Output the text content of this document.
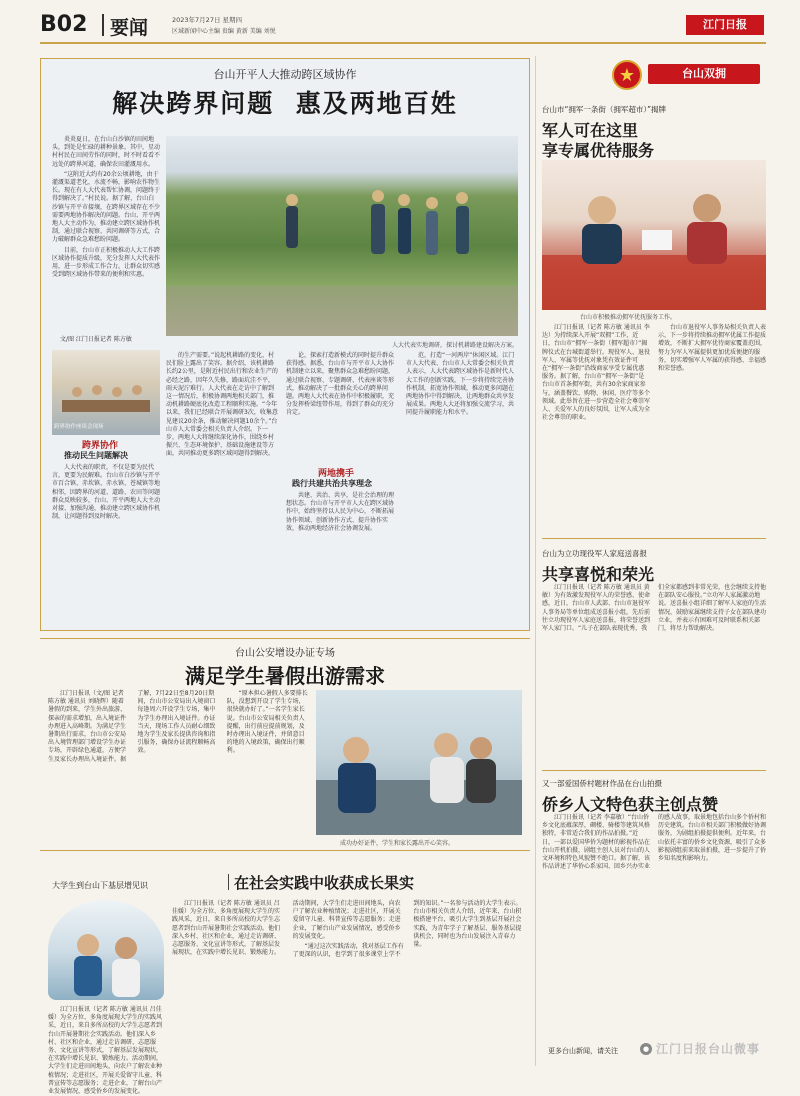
B02 要闻	2023年7月27日 星期四
区域新闻中心主编 贵编 黄新 美编 刘悦
江门日报
台山开平人大推动跨区域协作
解决跨界问题  惠及两地百姓

炎炎夏日，在台山白沙镇的田间地头，到处是忙碌的耕种景象。其中，星动村村民在田间劳作的同时，时不时看看不远处的跨界河道，确保农田灌溉用水。

“这附近大约有20余公顷耕地，由于灌溉渠道老化，水流不畅，影响农作物生长。现在有人大代表帮忙协调，问题终于得到解决了。”村民说。据了解，台山白沙镇与开平市接壤，在跨界区域存在不少需要两地协作解决的问题。台山、开平两地人大主动作为，推动建立跨区域协作机制，通过联合视察、共同调研等方式，合力破解群众急难愁盼问题。

目前，台山市正积极推动人大工作跨区域协作提质升级，充分发挥人大代表作用，进一步形成工作合力，让群众切实感受到跨区域协作带来的便利和实惠。

文/图 江门日报记者 陈方敏
人大代表实地调研，探讨机耕路建设解决方案。
跨界协作座谈会现场
跨界协作
推动民生问题解决

人大代表的职责，不仅是要为民代言，更要为民解难。台山市白沙镇与开平市百合镇、赤坎镇、赤水镇、苍城镇等地相邻，因跨界的河道、道路、农田等问题群众反映较多，台山、开平两地人大主动对接、加强沟通，推动建立跨区域协作机制，让问题得到及时解决。

的生产需要。”说起机耕路的变化，村民们脸上露出了笑容。据介绍，该机耕路长约2公里，是附近村民出行和农业生产的必经之路，因年久失修，路面坑洼不平，雨天泥泞难行。人大代表在走访中了解到这一情况后，积极协调两地相关部门，推动机耕路硬底化改造工程顺利实施。“今年以来，我们已经联合开展调研3次，收集意见建议20余条，推动解决问题10余个。”台山市人大常委会相关负责人介绍。下一步，两地人大将继续深化协作，围绕乡村振兴、生态环境保护、基础设施建设等方面，共同推动更多跨区域问题得到解决。

论，探索打造新模式的同时提升群众获得感。据悉，台山市与开平市人大协作机制建立以来，聚焦群众急难愁盼问题，通过联合视察、专题调研、代表座谈等形式，推动解决了一批群众关心的跨界问题。两地人大代表在协作中积极履职，充分发挥桥梁纽带作用，得到了群众的充分肯定。

两地携手
践行共建共治共享理念

共建、共治、共享，是社会治理的理想状态。台山市与开平市人大在跨区域协作中，始终坚持以人民为中心，不断拓展协作领域、创新协作方式、提升协作实效，推动两地经济社会协调发展。

范，打造“一河两岸”休闲区域。江门市人大代表、台山市人大常委会相关负责人表示，人大代表跨区域协作是新时代人大工作的创新实践，下一步将持续完善协作机制，拓宽协作领域，推动更多问题在两地协作中得到解决，让两地群众共享发展成果。两地人大还将加强交流学习，共同提升履职能力和水平。

★	台山双拥
台山市“拥军一条街（拥军超市）”揭牌
军人可在这里
享专属优待服务
台山市积极推动拥军优抚服务工作。

江门日报讯（记者 陈方敏 通讯员 李达）为持续深入开展“双拥”工作，近日，台山市“拥军一条街（拥军超市）”揭牌仪式在台城街道举行。现役军人、退役军人、军属等优抚对象凭有效证件可在“拥军一条街”沿线商家享受专属优惠服务。据了解，台山市“拥军一条街”是台山市首条拥军街，共有30余家商家参与，涵盖餐饮、购物、休闲、医疗等多个领域。此举旨在进一步营造全社会尊崇军人、关爱军人的良好氛围，让军人成为全社会尊崇的职业。

台山市退役军人事务局相关负责人表示，下一步将持续推动拥军优属工作提质增效，不断扩大拥军优待商家覆盖范围，努力为军人军属提供更加优质便捷的服务，切实增强军人军属的获得感、幸福感和荣誉感。

台山为立功现役军人家庭送喜报
共享喜悦和荣光

江门日报讯（记者 陈方敏 通讯员 黄敏）为有效激发现役军人的荣誉感、使命感，近日，台山市人武部、台山市退役军人事务局等单位组成送喜报小组，先后前往立功现役军人家庭送喜报，将荣誉送到军人家门口。“儿子在部队表现优秀，我们全家都感到非常光荣，也会继续支持他在部队安心服役。”立功军人家属激动地说。送喜报小组详细了解军人家庭的生活情况，鼓励家属继续支持子女在部队建功立业，并表示有困难可及时联系相关部门，将尽力帮助解决。

又一部爱国侨村题材作品在台山拍摄
侨乡人文特色获主创点赞

江门日报讯（记者 李嘉敏）“台山侨乡文化底蕴深厚，碉楼、骑楼等建筑风格独特，非常适合我们的作品拍摄。”近日，一部以爱国华侨为题材的影视作品在台山开机拍摄，剧组主创人员对台山的人文环境和特色风貌赞不绝口。据了解，该作品讲述了华侨心系家国、回乡兴办实业的感人故事，取景地包括台山多个侨村和历史建筑。台山市相关部门积极做好协调服务，为剧组拍摄提供便利。近年来，台山依托丰富的侨乡文化资源，吸引了众多影视剧组前来取景拍摄，进一步提升了侨乡知名度和影响力。

更多台山新闻，请关注	● 江门日报台山微事
台山公安增设办证专场
满足学生暑假出游需求

江门日报讯（文/图 记者 陈方敏 通讯员 刘晓辉）随着暑假的到来，学生外出旅游、探亲的需求增加，出入境证件办理进入高峰期。为满足学生暑期出行需求，台山市公安局出入境管理部门增设学生办证专场，开辟绿色通道，方便学生及家长办理出入境证件。据了解，7月22日至8月20日期间，台山市公安局出入境窗口每逢周六开设学生专场，集中为学生办理出入境证件。办证当天，现场工作人员耐心细致地为学生及家长提供咨询和指引服务，确保办证流程顺畅高效。

“原本担心暑假人多要排长队，没想到开设了学生专场，很快就办好了。”一名学生家长说。台山市公安局相关负责人提醒，出行前应提前规划，及时办理出入境证件，并留意目的地的入境政策，确保出行顺利。

成功办好证件，学生和家长露出开心笑容。
大学生到台山下基层增见识	在社会实践中收获成长果实

江门日报讯（记者 陈方敏 通讯员 吕佳媛）为全方位、多角度展现大学生的实践风采，近日，来自多所高校的大学生志愿者到台山开展暑期社会实践活动。他们深入乡村、社区和企业，通过走访调研、志愿服务、文化宣讲等形式，了解基层发展现状，在实践中增长见识、锻炼能力。活动期间，大学生们走进田间地头，向农户了解农业种植情况；走进社区，开展关爱留守儿童、科普宣传等志愿服务；走进企业，了解台山产业发展情况，感受侨乡的发展变化。

江门日报讯（记者 陈方敏 通讯员 吕佳媛）为全方位、多角度展现大学生的实践风采，近日，来自多所高校的大学生志愿者到台山开展暑期社会实践活动。他们深入乡村、社区和企业，通过走访调研、志愿服务、文化宣讲等形式，了解基层发展现状，在实践中增长见识、锻炼能力。活动期间，大学生们走进田间地头，向农户了解农业种植情况；走进社区，开展关爱留守儿童、科普宣传等志愿服务；走进企业，了解台山产业发展情况，感受侨乡的发展变化。

“通过这次实践活动，我对基层工作有了更深的认识，也学到了很多课堂上学不到的知识。”一名参与活动的大学生表示。台山市相关负责人介绍，近年来，台山积极搭建平台，吸引大学生到基层开展社会实践，为青年学子了解基层、服务基层提供机会，同时也为台山发展注入青春力量。
